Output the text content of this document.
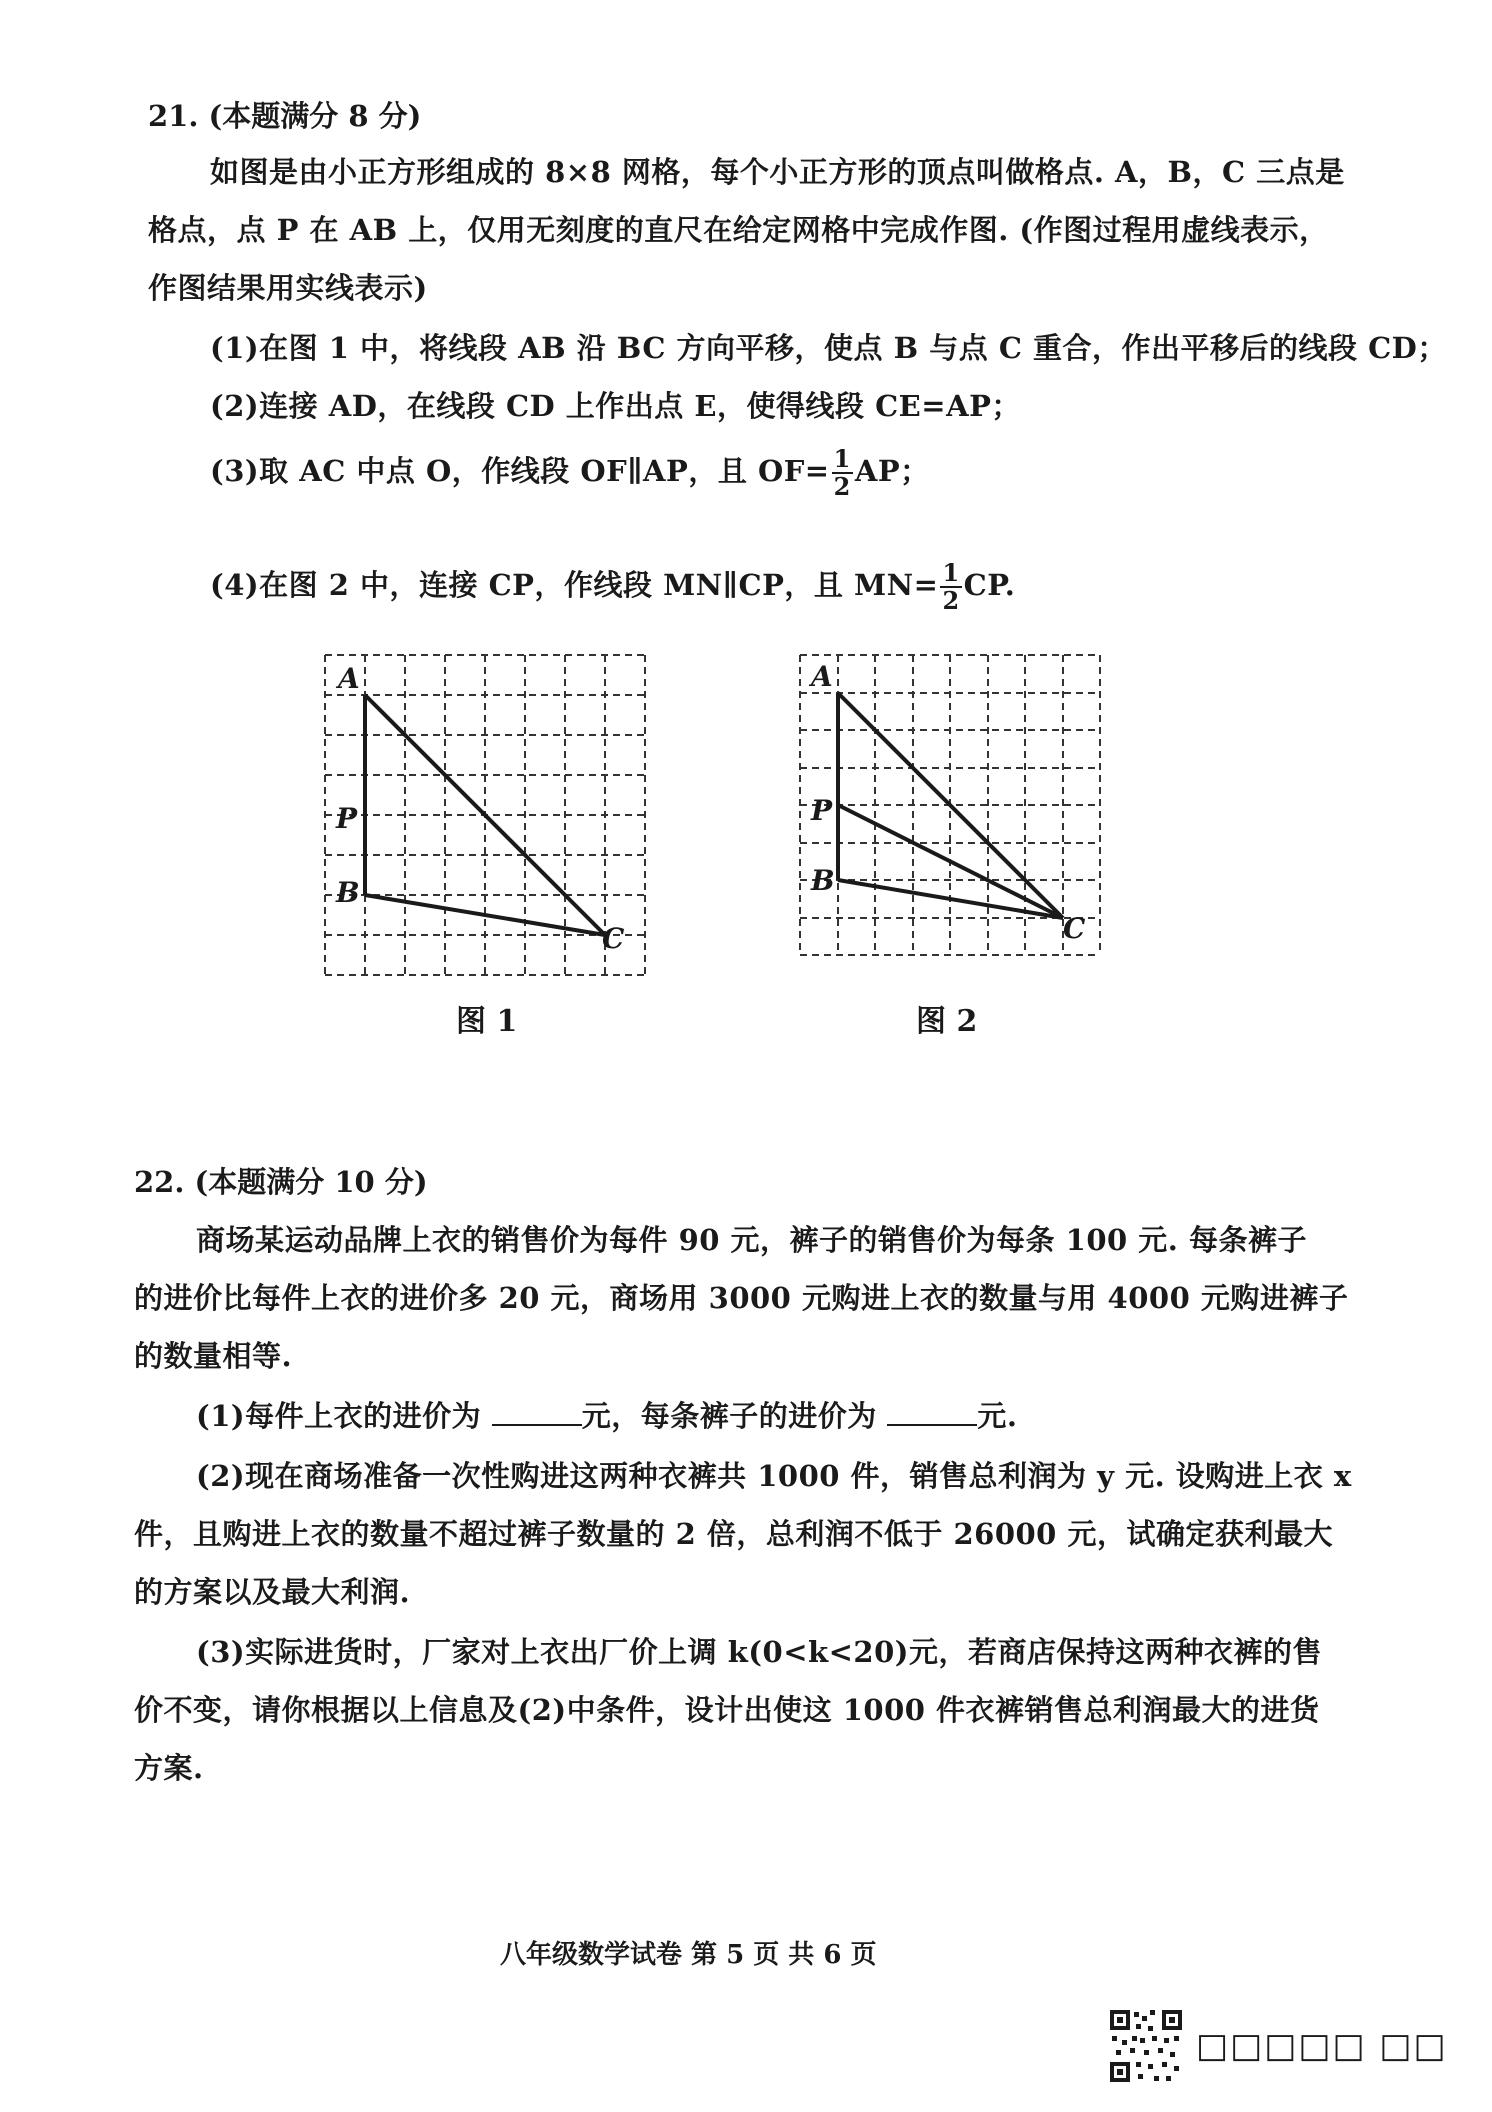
21. (本题满分 8 分)
如图是由小正方形组成的 8×8 网格，每个小正方形的顶点叫做格点. A，B，C 三点是
格点，点 P 在 AB 上，仅用无刻度的直尺在给定网格中完成作图. (作图过程用虚线表示，
作图结果用实线表示)
(1)在图 1 中，将线段 AB 沿 BC 方向平移，使点 B 与点 C 重合，作出平移后的线段 CD；
(2)连接 AD，在线段 CD 上作出点 E，使得线段 CE=AP；
(3)取 AC 中点 O，作线段 OF∥AP，且 $OF= \frac{1}{2}$ AP；
(4)在图 2 中，连接 CP，作线段 MN∥CP，且 $MN= \frac{1}{2}$ CP.
A
P
B
C
A
P
B
C
图 1	图 2
22. (本题满分 10 分)
商场某运动品牌上衣的销售价为每件 90 元，裤子的销售价为每条 100 元. 每条裤子
的进价比每件上衣的进价多 20 元，商场用 3000 元购进上衣的数量与用 4000 元购进裤子
的数量相等.
(1)每件上衣的进价为	元，每条裤子的进价为	元.
(2)现在商场准备一次性购进这两种衣裤共 1000 件，销售总利润为 y 元. 设购进上衣 x
件，且购进上衣的数量不超过裤子数量的 2 倍，总利润不低于 26000 元，试确定获利最大
的方案以及最大利润.
(3)实际进货时，厂家对上衣出厂价上调 k(0<k<20)元，若商店保持这两种衣裤的售
价不变，请你根据以上信息及(2)中条件，设计出使这 1000 件衣裤销售总利润最大的进货
方案.
八年级数学试卷 第 5 页 共 6 页
□□□□□ □□
